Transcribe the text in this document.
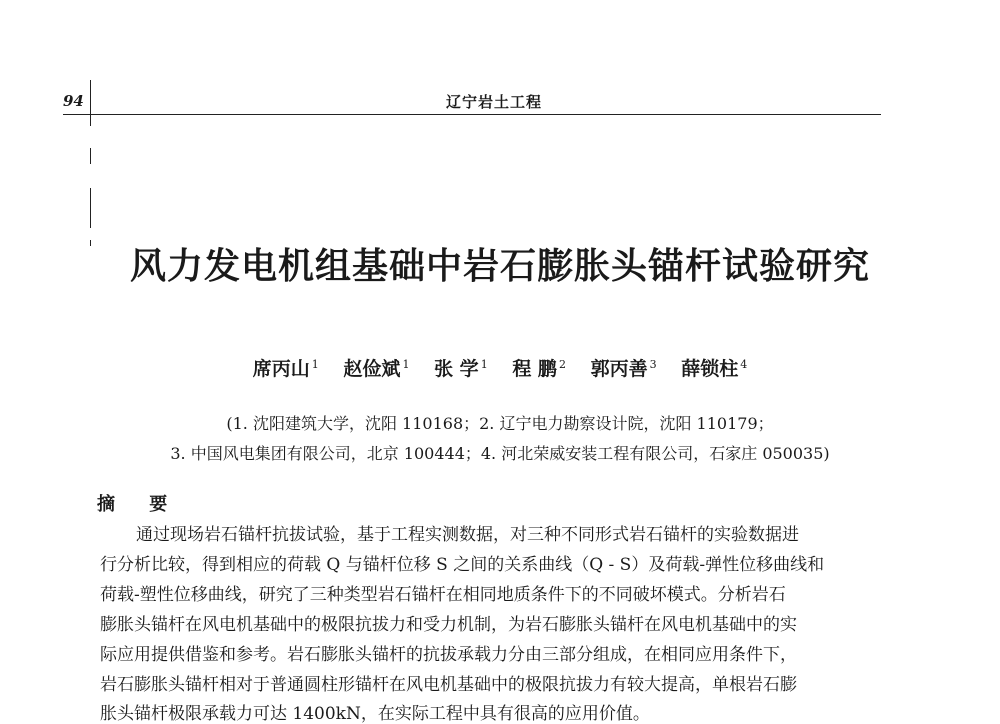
94	辽宁岩土工程
风力发电机组基础中岩石膨胀头锚杆试验研究
席丙山 $^1$ 赵俭斌 $^1$ 张 学 $^1$ 程 鹏 $^2$ 郭丙善 $^3$ 薛锁柱 $^4$
(1. 沈阳建筑大学，沈阳 110168；2. 辽宁电力勘察设计院，沈阳 110179；
3. 中国风电集团有限公司，北京 100444；4. 河北荣威安装工程有限公司，石家庄 050035)
摘 要
通过现场岩石锚杆抗拔试验，基于工程实测数据，对三种不同形式岩石锚杆的实验数据进
行分析比较，得到相应的荷载 Q 与锚杆位移 S 之间的关系曲线（Q - S）及荷载-弹性位移曲线和
荷载-塑性位移曲线，研究了三种类型岩石锚杆在相同地质条件下的不同破坏模式。分析岩石
膨胀头锚杆在风电机基础中的极限抗拔力和受力机制，为岩石膨胀头锚杆在风电机基础中的实
际应用提供借鉴和参考。岩石膨胀头锚杆的抗拔承载力分由三部分组成，在相同应用条件下，
岩石膨胀头锚杆相对于普通圆柱形锚杆在风电机基础中的极限抗拔力有较大提高，单根岩石膨
胀头锚杆极限承载力可达 1400kN，在实际工程中具有很高的应用价值。
